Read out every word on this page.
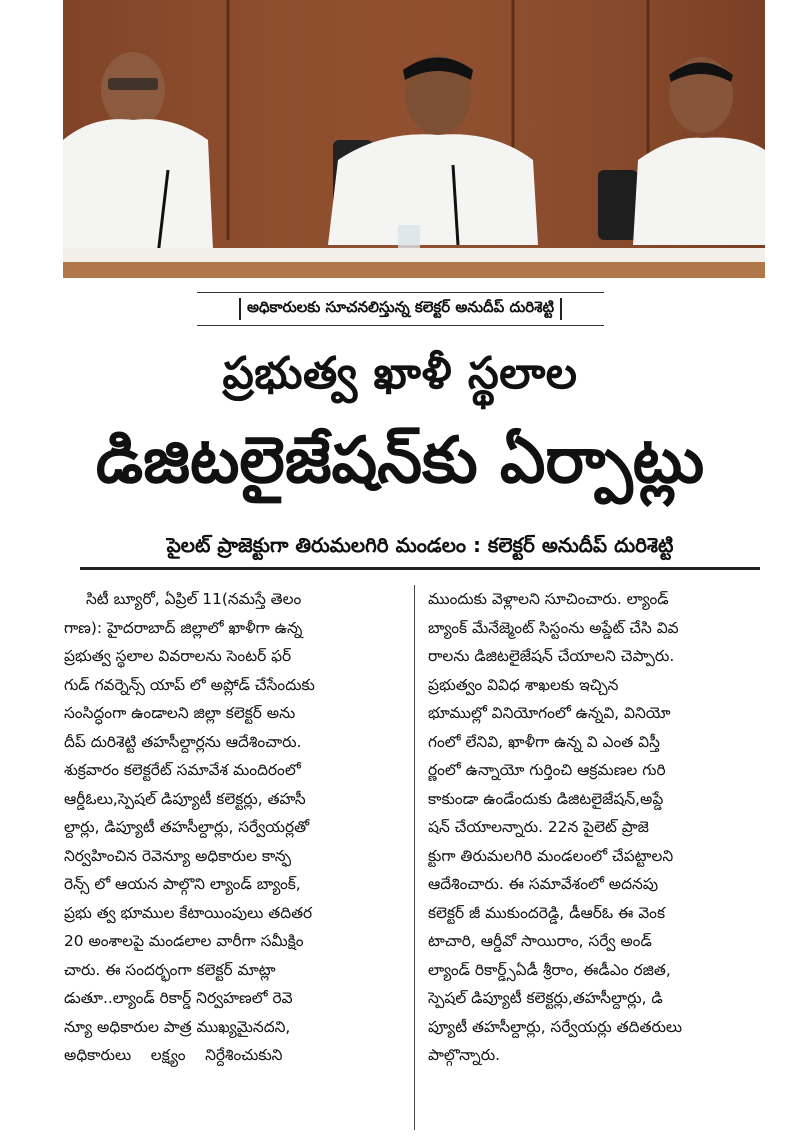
అధికారులకు సూచనలిస్తున్న కలెక్టర్ అనుదీప్ దురిశెట్టి
ప్రభుత్వ ఖాళీ స్థలాల
డిజిటలైజేషన్‌కు ఏర్పాట్లు
పైలట్ ప్రాజెక్టుగా తిరుమలగిరి మండలం : కలెక్టర్ అనుదీప్ దురిశెట్టి
సిటీ బ్యూరో, ఏప్రిల్ 11(నమస్తే తెలం
గాణ): హైదరాబాద్ జిల్లాలో ఖాళీగా ఉన్న
ప్రభుత్వ స్థలాల వివరాలను సెంటర్ ఫర్
గుడ్ గవర్నెన్స్ యాప్ లో అప్లోడ్ చేసేందుకు
సంసిద్ధంగా ఉండాలని జిల్లా కలెక్టర్ అను
దీప్ దురిశెట్టి తహసీల్దార్లను ఆదేశించారు.
శుక్రవారం కలెక్టరేట్ సమావేశ మందిరంలో
ఆర్డీఓలు,స్పెషల్ డిప్యూటీ కలెక్టర్లు, తహసీ
ల్దార్లు, డిప్యూటీ తహసీల్దార్లు, సర్వేయర్లతో
నిర్వహించిన రెవెన్యూ అధికారుల కాన్ఫ
రెన్స్ లో ఆయన పాల్గొని ల్యాండ్ బ్యాంక్,
ప్రభు త్వ భూముల కేటాయింపులు తదితర
20 అంశాలపై మండలాల వారీగా సమీక్షిం
చారు. ఈ సందర్భంగా కలెక్టర్ మాట్లా
డుతూ..ల్యాండ్ రికార్డ్ నిర్వహణలో రెవె
న్యూ అధికారుల పాత్ర ముఖ్యమైనదని,
అధికారులు    లక్ష్యం    నిర్దేశించుకుని
ముందుకు వెళ్లాలని సూచించారు. ల్యాండ్
బ్యాంక్ మేనేజ్మెంట్ సిస్టంను అప్డేట్ చేసి వివ
రాలను డిజిటలైజేషన్ చేయాలని చెప్పారు.
ప్రభుత్వం వివిధ శాఖలకు ఇచ్చిన
భూముల్లో వినియోగంలో ఉన్నవి, వినియో
గంలో లేనివి, ఖాళీగా ఉన్న వి ఎంత విస్తీ
ర్ణంలో ఉన్నాయో గుర్తించి ఆక్రమణల గురి
కాకుండా ఉండేందుకు డిజిటలైజేషన్,అప్డే
షన్ చేయాలన్నారు. 22న పైలెట్ ప్రాజె
క్టుగా తిరుమలగిరి మండలంలో చేపట్టాలని
ఆదేశించారు. ఈ సమావేశంలో అదనపు
కలెక్టర్ జీ ముకుందరెడ్డి, డీఆర్ఓ ఈ వెంక
టాచారి, ఆర్డీవో సాయిరాం, సర్వే అండ్
ల్యాండ్ రికార్డ్స్ఏడీ శ్రీరాం, ఈడీఎం రజిత,
స్పెషల్ డిప్యూటీ కలెక్టర్లు,తహసీల్దార్లు, డి
ప్యూటీ తహసీల్దార్లు, సర్వేయర్లు తదితరులు
పాల్గొన్నారు.
